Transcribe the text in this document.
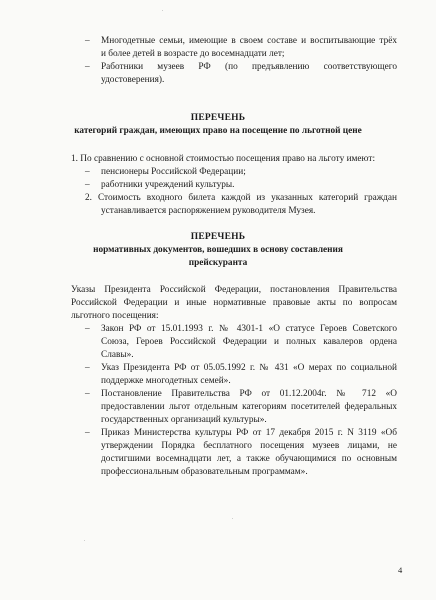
– Многодетные семьи, имеющие в своем составе и воспитывающие трёх
и более детей в возрасте до восемнадцати лет;
– Работники музеев РФ (по предъявлению соответствующего
удостоверения).
ПЕРЕЧЕНЬ
категорий граждан, имеющих право на посещение по льготной цене
1. По сравнению с основной стоимостью посещения право на льготу имеют:
– пенсионеры Российской Федерации;
– работники учреждений культуры.
2. Стоимость входного билета каждой из указанных категорий граждан
устанавливается распоряжением руководителя Музея.
ПЕРЕЧЕНЬ
нормативных документов, вошедших в основу составления
прейскуранта
Указы Президента Российской Федерации, постановления Правительства
Российской Федерации и иные нормативные правовые акты по вопросам
льготного посещения:
– Закон РФ от 15.01.1993 г. № 4301-1 «О статусе Героев Советского
Союза, Героев Российской Федерации и полных кавалеров ордена
Славы».
– Указ Президента РФ от 05.05.1992 г. № 431 «О мерах по социальной
поддержке многодетных семей».
– Постановление Правительства РФ от 01.12.2004г. № 712 «О
предоставлении льгот отдельным категориям посетителей федеральных
государственных организаций культуры».
– Приказ Министерства культуры РФ от 17 декабря 2015 г. N 3119 «Об
утверждении Порядка бесплатного посещения музеев лицами, не
достигшими восемнадцати лет, а также обучающимися по основным
профессиональным образовательным программам».
4
